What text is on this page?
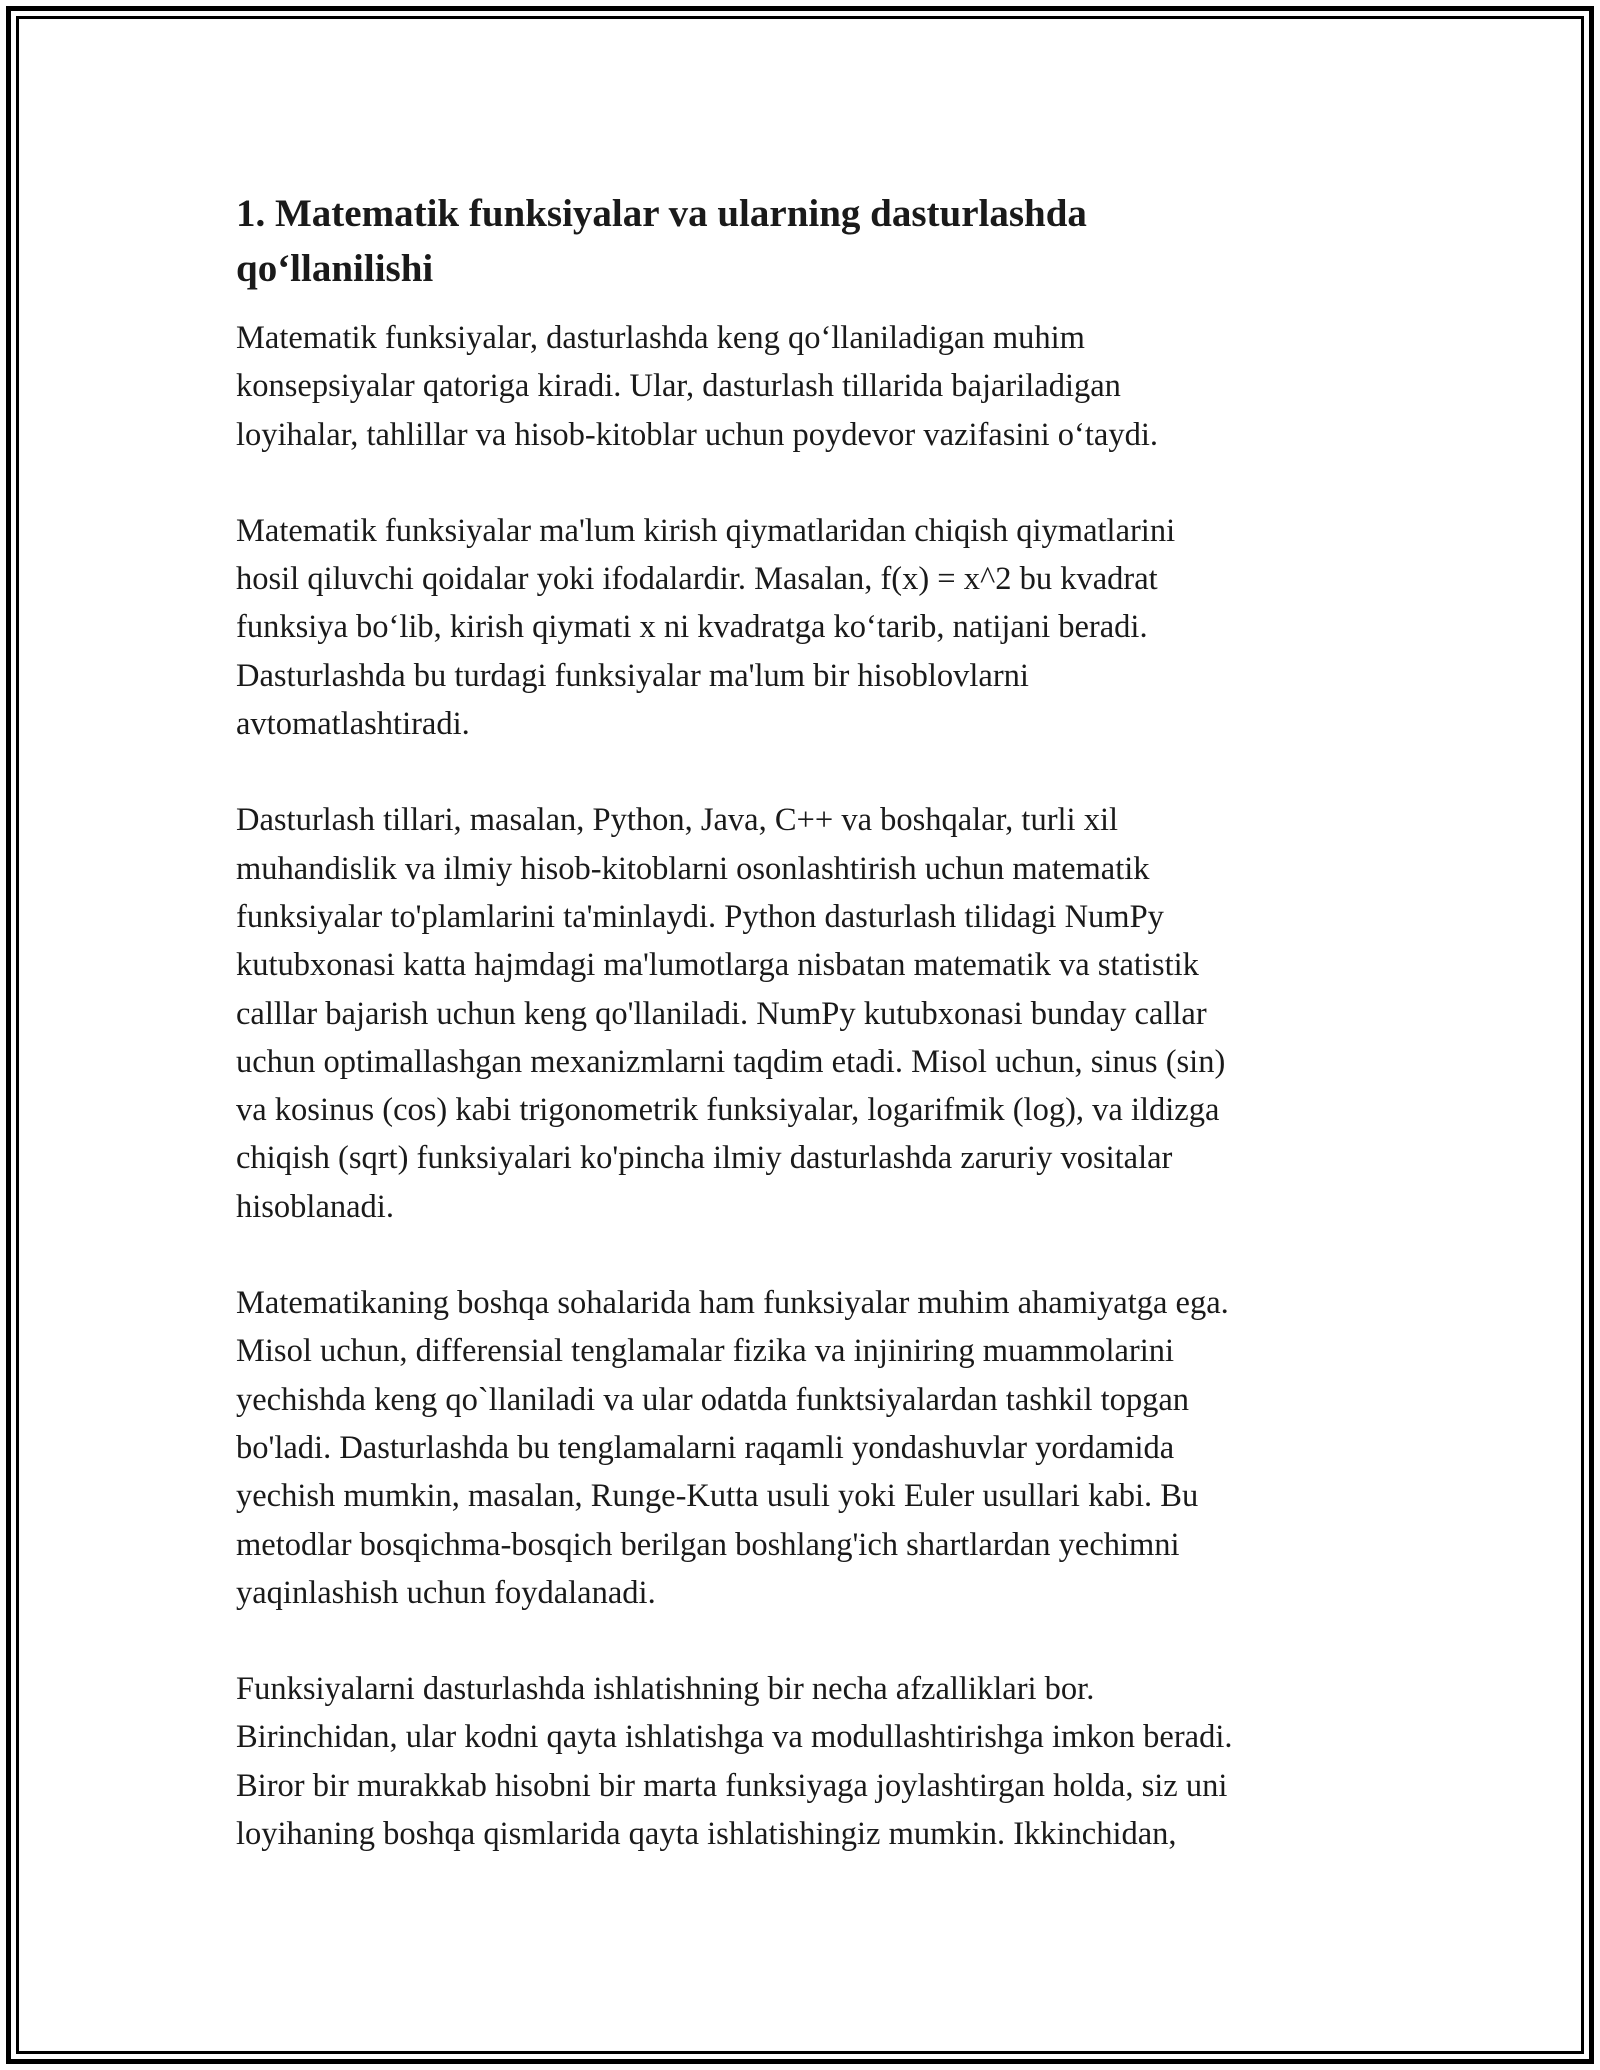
1. Matematik funksiyalar va ularning dasturlashda qo‘llanilishi

Matematik funksiyalar, dasturlashda keng qo‘llaniladigan muhim
konsepsiyalar qatoriga kiradi. Ular, dasturlash tillarida bajariladigan
loyihalar, tahlillar va hisob-kitoblar uchun poydevor vazifasini o‘taydi.

Matematik funksiyalar ma'lum kirish qiymatlaridan chiqish qiymatlarini
hosil qiluvchi qoidalar yoki ifodalardir. Masalan, f(x) = x^2 bu kvadrat
funksiya bo‘lib, kirish qiymati x ni kvadratga ko‘tarib, natijani beradi.
Dasturlashda bu turdagi funksiyalar ma'lum bir hisoblovlarni
avtomatlashtiradi.

Dasturlash tillari, masalan, Python, Java, C++ va boshqalar, turli xil
muhandislik va ilmiy hisob-kitoblarni osonlashtirish uchun matematik
funksiyalar to'plamlarini ta'minlaydi. Python dasturlash tilidagi NumPy
kutubxonasi katta hajmdagi ma'lumotlarga nisbatan matematik va statistik
calllar bajarish uchun keng qo'llaniladi. NumPy kutubxonasi bunday callar
uchun optimallashgan mexanizmlarni taqdim etadi. Misol uchun, sinus (sin)
va kosinus (cos) kabi trigonometrik funksiyalar, logarifmik (log), va ildizga
chiqish (sqrt) funksiyalari ko'pincha ilmiy dasturlashda zaruriy vositalar
hisoblanadi.

Matematikaning boshqa sohalarida ham funksiyalar muhim ahamiyatga ega.
Misol uchun, differensial tenglamalar fizika va injiniring muammolarini
yechishda keng qo`llaniladi va ular odatda funktsiyalardan tashkil topgan
bo'ladi. Dasturlashda bu tenglamalarni raqamli yondashuvlar yordamida
yechish mumkin, masalan, Runge-Kutta usuli yoki Euler usullari kabi. Bu
metodlar bosqichma-bosqich berilgan boshlang'ich shartlardan yechimni
yaqinlashish uchun foydalanadi.

Funksiyalarni dasturlashda ishlatishning bir necha afzalliklari bor.
Birinchidan, ular kodni qayta ishlatishga va modullashtirishga imkon beradi.
Biror bir murakkab hisobni bir marta funksiyaga joylashtirgan holda, siz uni
loyihaning boshqa qismlarida qayta ishlatishingiz mumkin. Ikkinchidan,
